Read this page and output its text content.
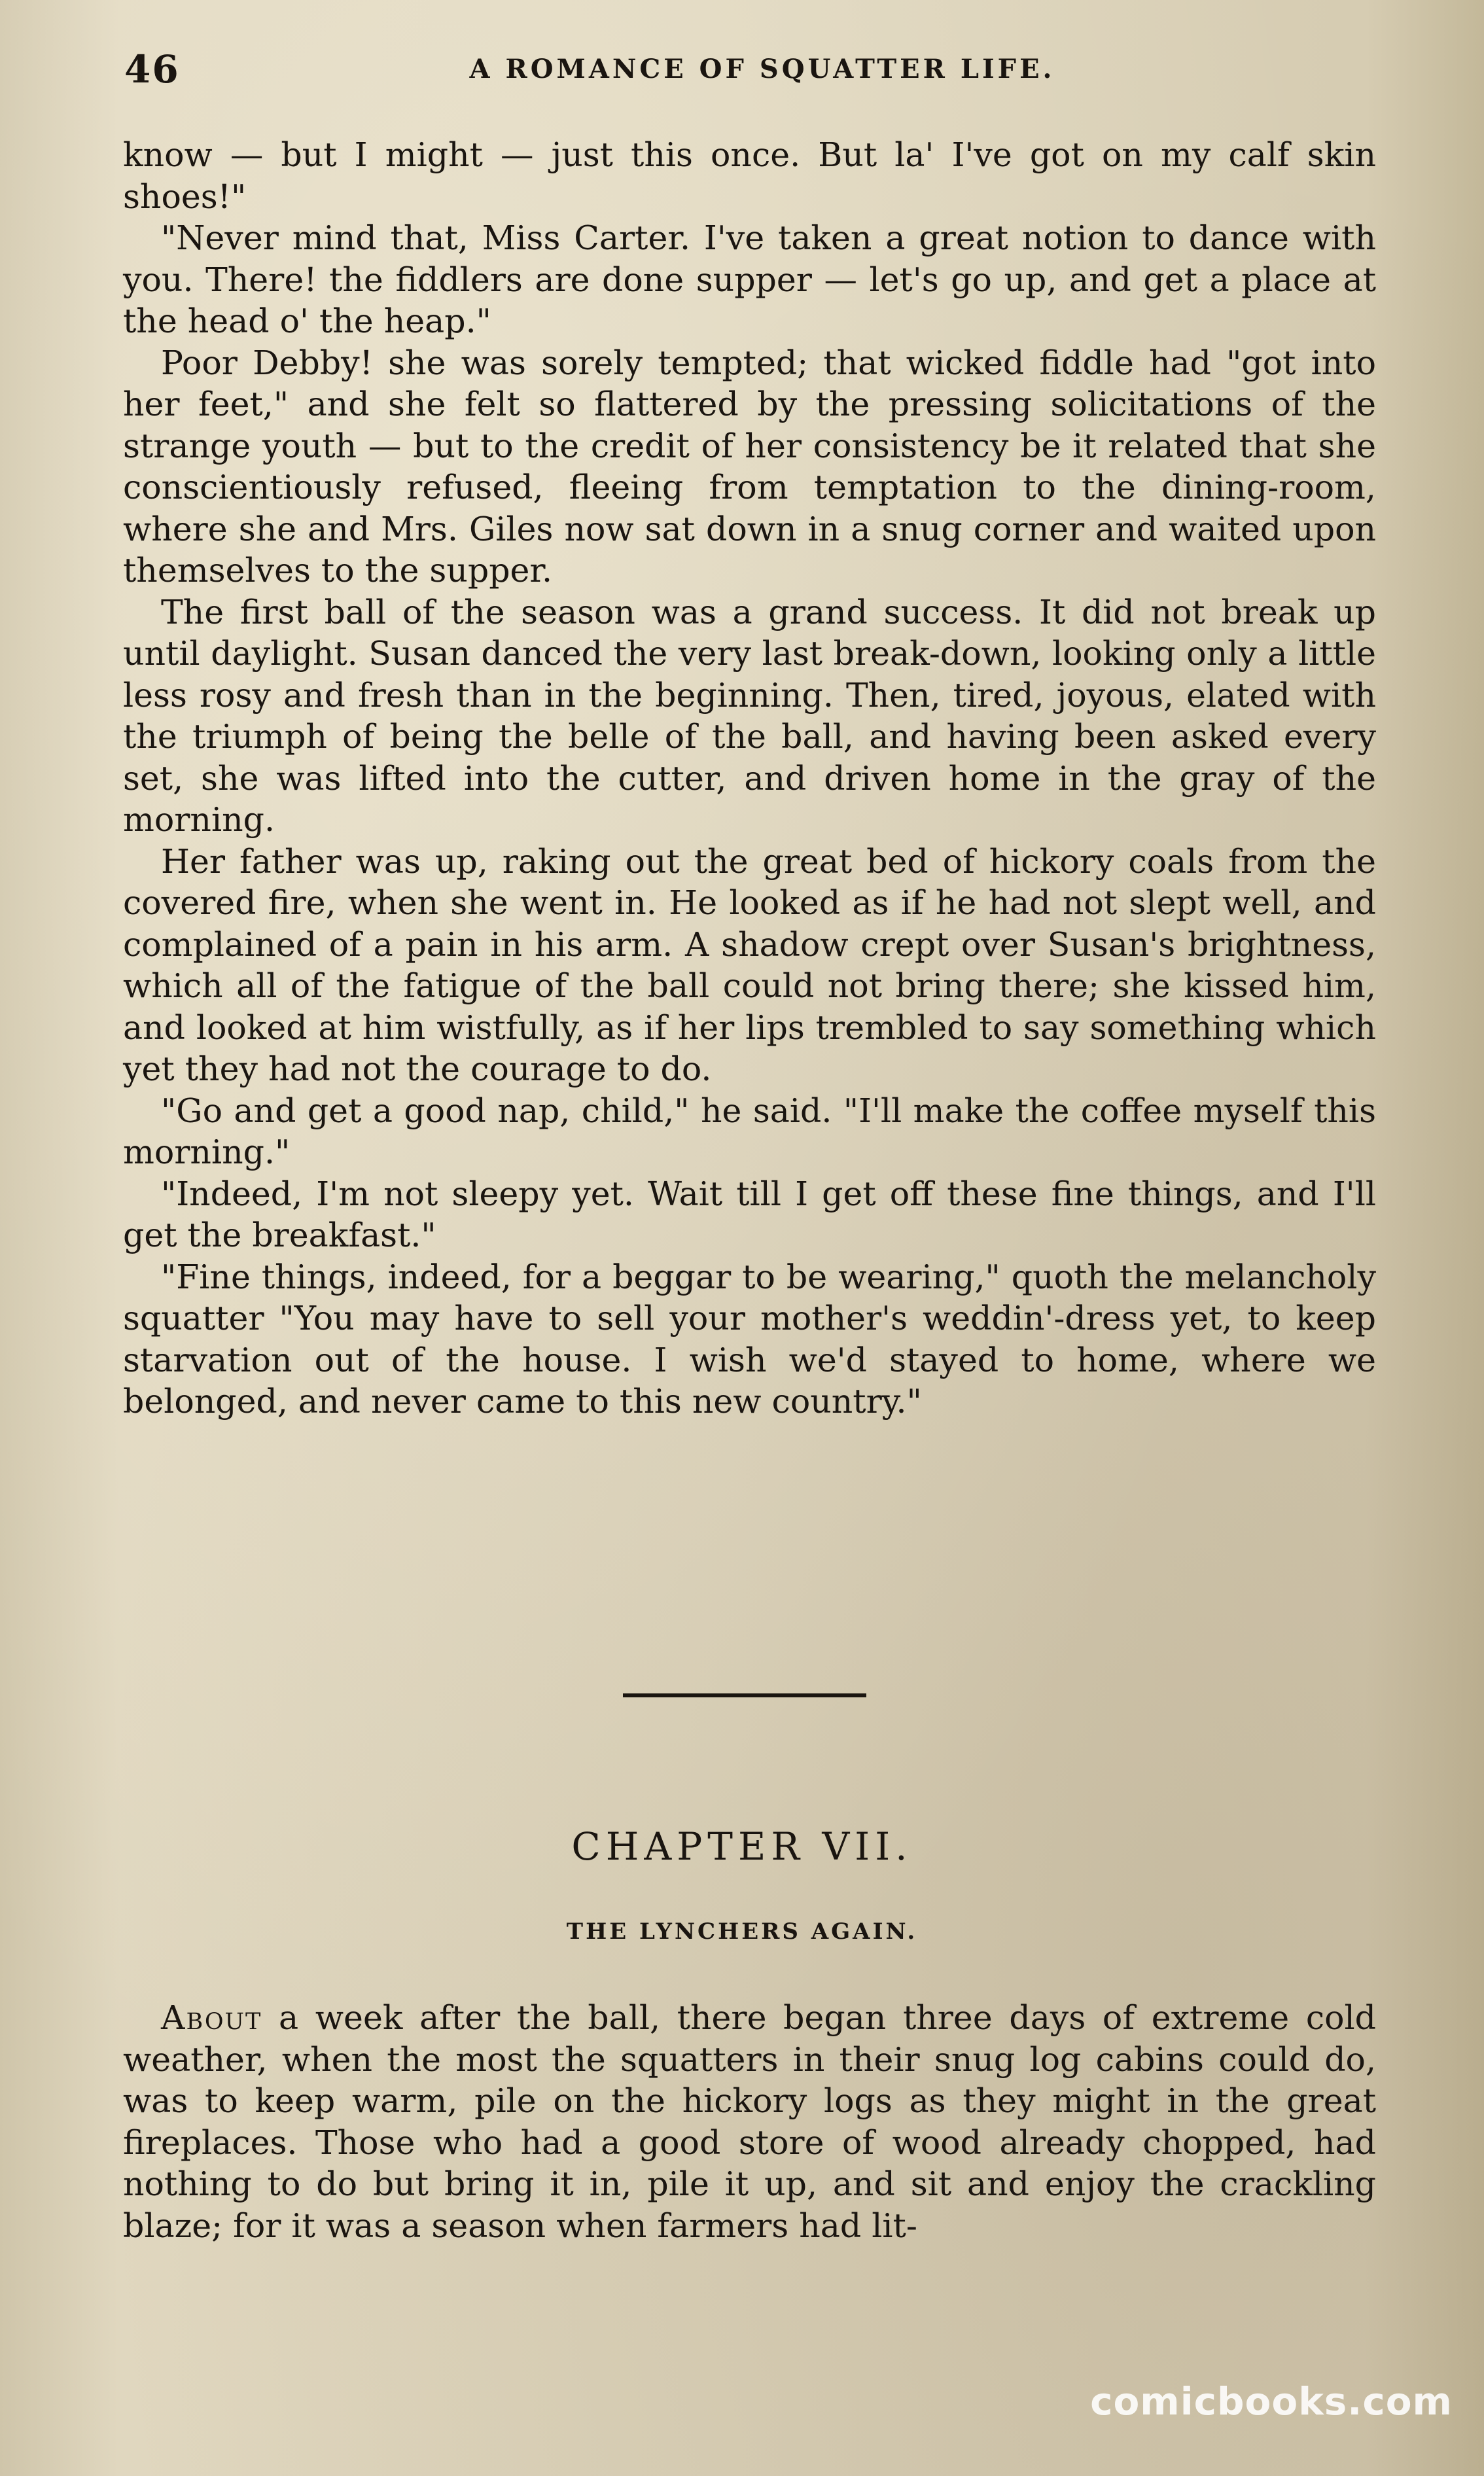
46	A ROMANCE OF SQUATTER LIFE.

know — but I might — just this once. But la' I've got on my calf skin shoes!"

"Never mind that, Miss Carter. I've taken a great notion to dance with you. There! the fiddlers are done supper — let's go up, and get a place at the head o' the heap."

Poor Debby! she was sorely tempted; that wicked fiddle had "got into her feet," and she felt so flattered by the pressing solicitations of the strange youth — but to the credit of her consistency be it related that she conscientiously refused, fleeing from temptation to the dining-room, where she and Mrs. Giles now sat down in a snug corner and waited upon themselves to the supper.

The first ball of the season was a grand success. It did not break up until daylight. Susan danced the very last break-down, looking only a little less rosy and fresh than in the beginning. Then, tired, joyous, elated with the triumph of being the belle of the ball, and having been asked every set, she was lifted into the cutter, and driven home in the gray of the morning.

Her father was up, raking out the great bed of hickory coals from the covered fire, when she went in. He looked as if he had not slept well, and complained of a pain in his arm. A shadow crept over Susan's brightness, which all of the fatigue of the ball could not bring there; she kissed him, and looked at him wistfully, as if her lips trembled to say something which yet they had not the courage to do.

"Go and get a good nap, child," he said. "I'll make the coffee myself this morning."

"Indeed, I'm not sleepy yet. Wait till I get off these fine things, and I'll get the breakfast."

"Fine things, indeed, for a beggar to be wearing," quoth the melancholy squatter "You may have to sell your mother's weddin'-dress yet, to keep starvation out of the house. I wish we'd stayed to home, where we belonged, and never came to this new country."

CHAPTER VII.
THE LYNCHERS AGAIN.

About a week after the ball, there began three days of extreme cold weather, when the most the squatters in their snug log cabins could do, was to keep warm, pile on the hickory logs as they might in the great fireplaces. Those who had a good store of wood already chopped, had nothing to do but bring it in, pile it up, and sit and enjoy the crackling blaze; for it was a season when farmers had lit-

comicbooks.com
